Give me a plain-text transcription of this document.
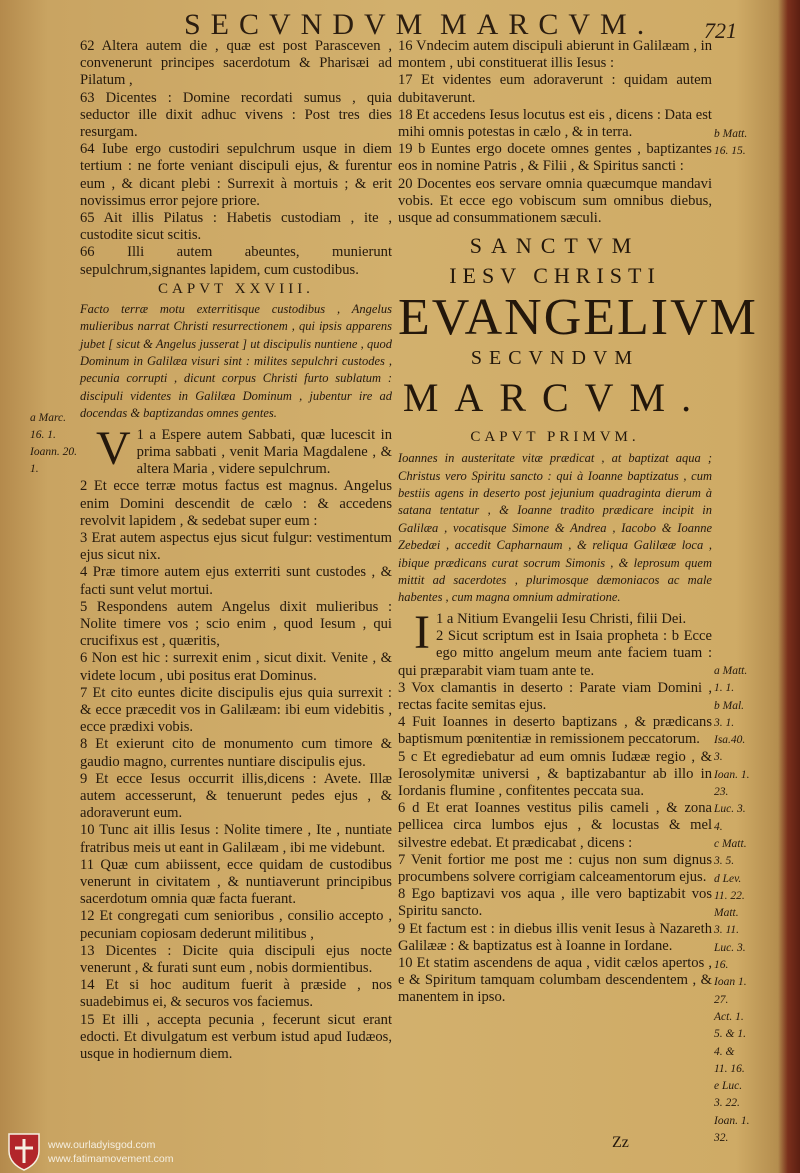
SECVNDVM MARCVM. 721

62 Altera autem die , quæ est post Parasceven , convenerunt principes sacerdotum & Pharisæi ad Pilatum ,

63 Dicentes : Domine recordati sumus , quia seductor ille dixit adhuc vivens : Post tres dies resurgam.

64 Iube ergo custodiri sepulchrum usque in diem tertium : ne forte veniant discipuli ejus, & furentur eum , & dicant plebi : Surrexit à mortuis ; & erit novissimus error pejore priore.

65 Ait illis Pilatus : Habetis custodiam , ite , custodite sicut scitis.

66 Illi autem abeuntes, munierunt sepulchrum,signantes lapidem, cum custodibus.

CAPVT XXVIII.

Facto terræ motu exterritisque custodibus , Angelus mulieribus narrat Christi resurrectionem , qui ipsis apparens jubet [ sicut & Angelus jusserat ] ut discipulis nuntiene , quod Dominum in Galilæa visuri sint : milites sepulchri custodes , pecunia corrupti , dicunt corpus Christi furto sublatum : discipuli videntes in Galilæa Dominum , jubentur ire ad docendas & baptizandas omnes gentes.

V 1 a Espere autem Sabbati, quæ lucescit in prima sabbati , venit Maria Magdalene , & altera Maria , videre sepulchrum.

2 Et ecce terræ motus factus est magnus. Angelus enim Domini descendit de cælo : & accedens revolvit lapidem , & sedebat super eum :

3 Erat autem aspectus ejus sicut fulgur: vestimentum ejus sicut nix.

4 Præ timore autem ejus exterriti sunt custodes , & facti sunt velut mortui.

5 Respondens autem Angelus dixit mulieribus : Nolite timere vos ; scio enim , quod Iesum , qui crucifixus est , quæritis,

6 Non est hic : surrexit enim , sicut dixit. Venite , & videte locum , ubi positus erat Dominus.

7 Et cito euntes dicite discipulis ejus quia surrexit : & ecce præcedit vos in Galilæam: ibi eum videbitis , ecce prædixi vobis.

8 Et exierunt cito de monumento cum timore & gaudio magno, currentes nuntiare discipulis ejus.

9 Et ecce Iesus occurrit illis,dicens : Avete. Illæ autem accesserunt, & tenuerunt pedes ejus , & adoraverunt eum.

10 Tunc ait illis Iesus : Nolite timere , Ite , nuntiate fratribus meis ut eant in Galilæam , ibi me videbunt.

11 Quæ cum abiissent, ecce quidam de custodibus venerunt in civitatem , & nuntiaverunt principibus sacerdotum omnia quæ facta fuerant.

12 Et congregati cum senioribus , consilio accepto , pecuniam copiosam dederunt militibus ,

13 Dicentes : Dicite quia discipuli ejus nocte venerunt , & furati sunt eum , nobis dormientibus.

14 Et si hoc auditum fuerit à præside , nos suadebimus ei, & securos vos faciemus.

15 Et illi , accepta pecunia , fecerunt sicut erant edocti. Et divulgatum est verbum istud apud Iudæos, usque in hodiernum diem.

a Marc. 16. 1.
Ioann. 20. 1.

16 Vndecim autem discipuli abierunt in Galilæam , in montem , ubi constituerat illis Iesus :

17 Et videntes eum adoraverunt : quidam autem dubitaverunt.

18 Et accedens Iesus locutus est eis , dicens : Data est mihi omnis potestas in cælo , & in terra.

19 b Euntes ergo docete omnes gentes , baptizantes eos in nomine Patris , & Filii , & Spiritus sancti :

20 Docentes eos servare omnia quæcumque mandavi vobis. Et ecce ego vobiscum sum omnibus diebus, usque ad consummationem sæculi.

SANCTVM
IESV CHRISTI
EVANGELIVM
SECVNDVM
MARCVM.
CAPVT PRIMVM.

Ioannes in austeritate vitæ prædicat , at baptizat aqua ; Christus vero Spiritu sancto : qui à Ioanne baptizatus , cum bestiis agens in deserto post jejunium quadraginta dierum à satana tentatur , & Ioanne tradito prædicare incipit in Galilæa , vocatisque Simone & Andrea , Iacobo & Ioanne Zebedæi , accedit Capharnaum , & reliqua Galilææ loca , ibique prædicans curat socrum Simonis , & leprosum quem mittit ad sacerdotes , plurimosque dæmoniacos ac male habentes , cum magna omnium admiratione.

I 1 a Nitium Evangelii Iesu Christi, filii Dei.

2 Sicut scriptum est in Isaia propheta : b Ecce ego mitto angelum meum ante faciem tuam : qui præparabit viam tuam ante te.

3 Vox clamantis in deserto : Parate viam Domini , rectas facite semitas ejus.

4 Fuit Ioannes in deserto baptizans , & prædicans baptismum pœnitentiæ in remissionem peccatorum.

5 c Et egrediebatur ad eum omnis Iudææ regio , & Ierosolymitæ universi , & baptizabantur ab illo in Iordanis flumine , confitentes peccata sua.

6 d Et erat Ioannes vestitus pilis cameli , & zona pellicea circa lumbos ejus , & locustas & mel silvestre edebat. Et prædicabat , dicens :

7 Venit fortior me post me : cujus non sum dignus procumbens solvere corrigiam calceamentorum ejus.

8 Ego baptizavi vos aqua , ille vero baptizabit vos Spiritu sancto.

9 Et factum est : in diebus illis venit Iesus à Nazareth Galilææ : & baptizatus est à Ioanne in Iordane.

10 Et statim ascendens de aqua , vidit cælos apertos , e & Spiritum tamquam columbam descendentem , & manentem in ipso.

b Matt.
16. 15.
a Matt.
1. 1.
b Mal.
3. 1.
Isa.40.
3.
Ioan. 1.
23.
Luc. 3.
4.
c Matt.
3. 5.
d Lev.
11. 22.
Matt.
3. 11.
Luc. 3.
16.
Ioan 1.
27.
Act. 1.
5. & 1.
4. &
11. 16.
e Luc.
3. 22.
Ioan. 1.
32.
Zz
www.ourladyisgod.com
www.fatimamovement.com
